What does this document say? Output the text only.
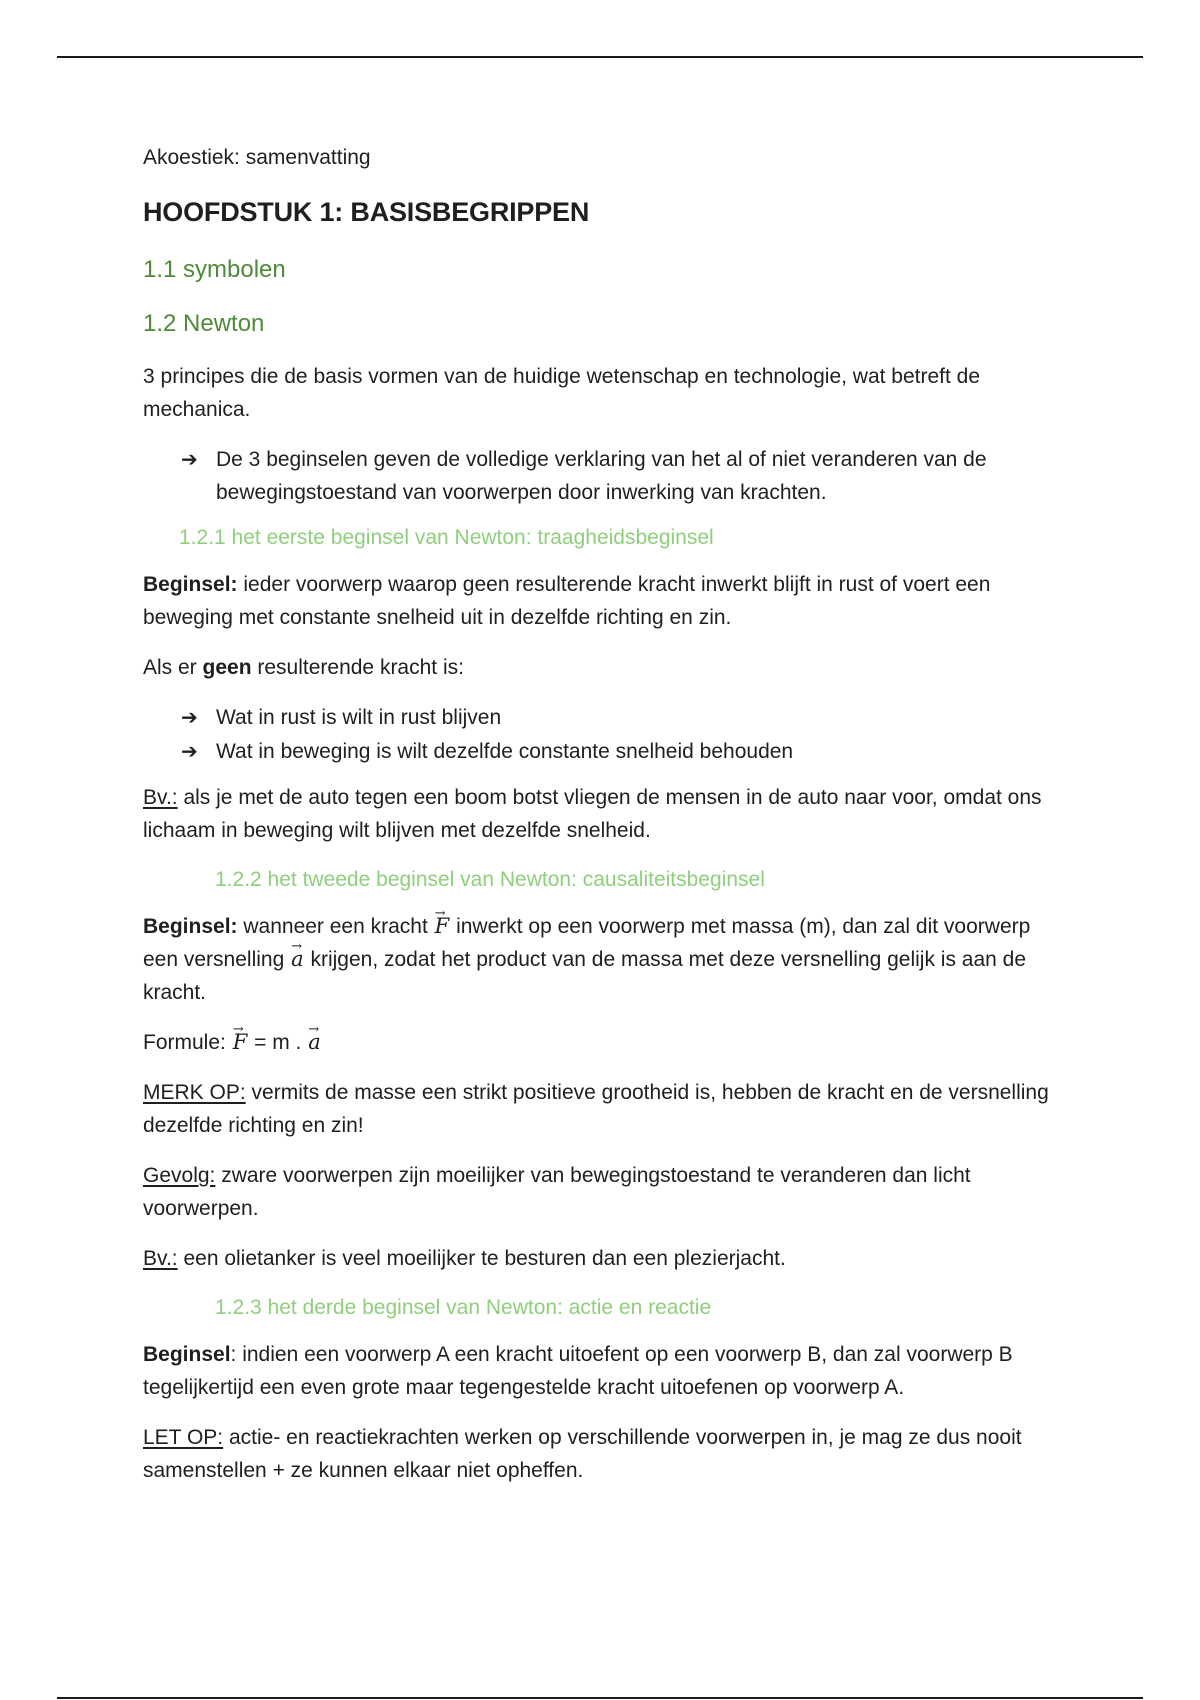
Akoestiek: samenvatting
HOOFDSTUK 1: BASISBEGRIPPEN
1.1 symbolen
1.2 Newton

3 principes die de basis vormen van de huidige wetenschap en technologie, wat betreft de mechanica.

➔ De 3 beginselen geven de volledige verklaring van het al of niet veranderen van de bewegingstoestand van voorwerpen door inwerking van krachten.
1.2.1 het eerste beginsel van Newton: traagheidsbeginsel

Beginsel: ieder voorwerp waarop geen resulterende kracht inwerkt blijft in rust of voert een beweging met constante snelheid uit in dezelfde richting en zin.

Als er geen resulterende kracht is:

➔ Wat in rust is wilt in rust blijven
➔ Wat in beweging is wilt dezelfde constante snelheid behouden

Bv.: als je met de auto tegen een boom botst vliegen de mensen in de auto naar voor, omdat ons lichaam in beweging wilt blijven met dezelfde snelheid.

1.2.2 het tweede beginsel van Newton: causaliteitsbeginsel

Beginsel: wanneer een kracht → F inwerkt op een voorwerp met massa (m), dan zal dit voorwerp een versnelling → a krijgen, zodat het product van de massa met deze versnelling gelijk is aan de kracht.

Formule: → F = m . → a

MERK OP: vermits de masse een strikt positieve grootheid is, hebben de kracht en de versnelling dezelfde richting en zin!

Gevolg: zware voorwerpen zijn moeilijker van bewegingstoestand te veranderen dan licht voorwerpen.

Bv.: een olietanker is veel moeilijker te besturen dan een plezierjacht.

1.2.3 het derde beginsel van Newton: actie en reactie

Beginsel: indien een voorwerp A een kracht uitoefent op een voorwerp B, dan zal voorwerp B tegelijkertijd een even grote maar tegengestelde kracht uitoefenen op voorwerp A.

LET OP: actie- en reactiekrachten werken op verschillende voorwerpen in, je mag ze dus nooit samenstellen + ze kunnen elkaar niet opheffen.
